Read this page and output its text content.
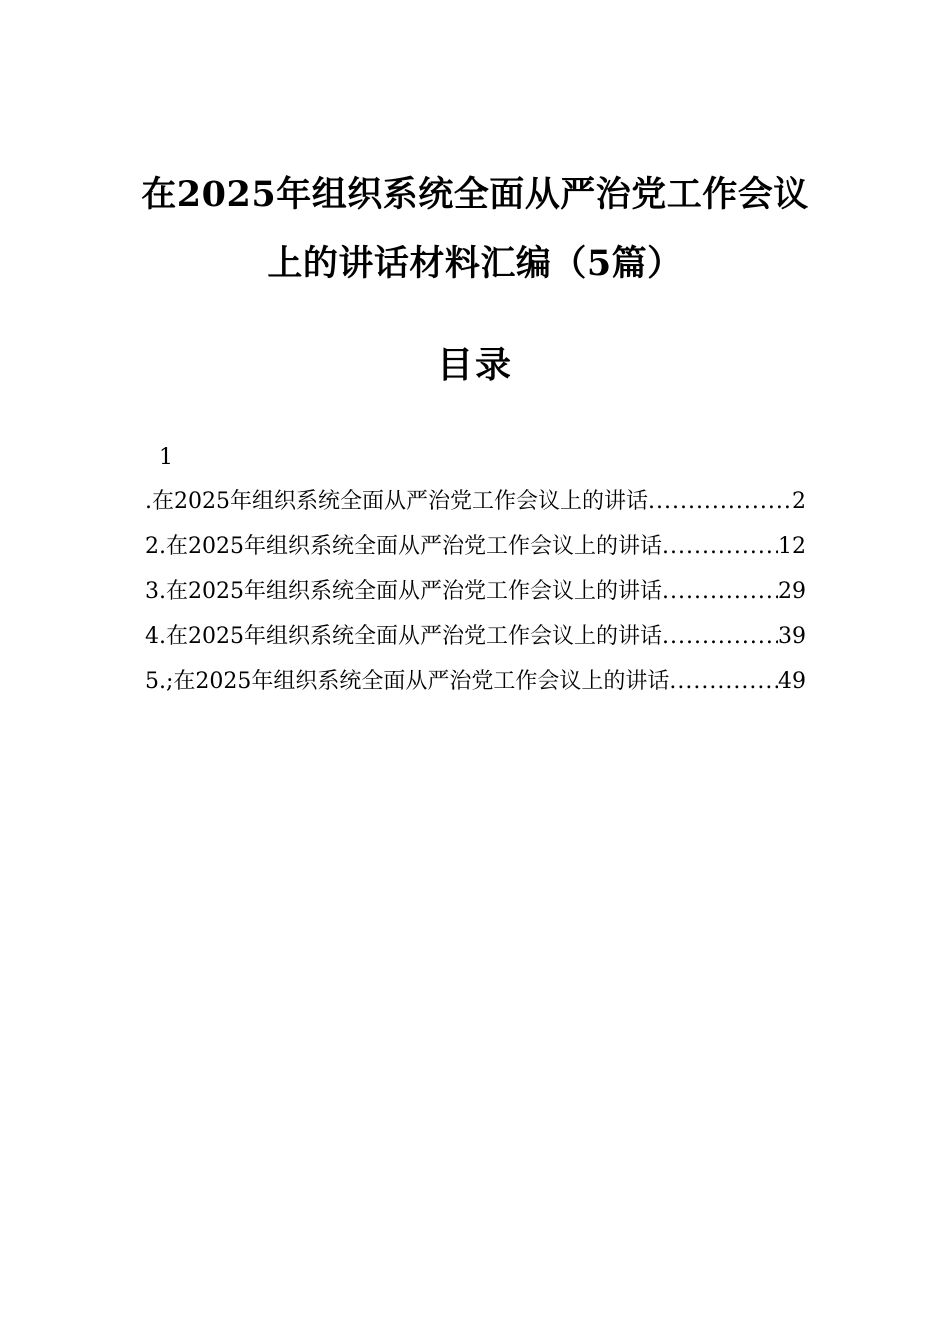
在2025年组织系统全面从严治党工作会议
上的讲话材料汇编（5篇）
目录
1
.在2025年组织系统全面从严治党工作会议上的讲话 .....	2
2.在2025年组织系统全面从严治党工作会议上的讲话 .....	12
3.在2025年组织系统全面从严治党工作会议上的讲话 .....	29
4.在2025年组织系统全面从严治党工作会议上的讲话 .....	39
5.;在2025年组织系统全面从严治党工作会议上的讲话 .....	49
